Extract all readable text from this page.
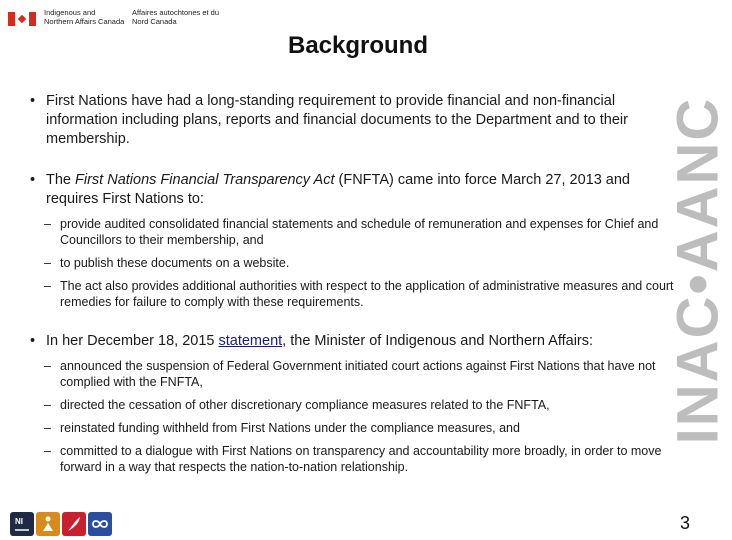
Indigenous and Northern Affairs Canada
Affaires autochtones et du Nord Canada
Background
INAC•AANC
• First Nations have had a long-standing requirement to provide financial and non-financial information including plans, reports and financial documents to the Department and to their membership.
• The First Nations Financial Transparency Act (FNFTA) came into force March 27, 2013 and requires First Nations to:
– provide audited consolidated financial statements and schedule of remuneration and expenses for Chief and Councillors to their membership, and
– to publish these documents on a website.
– The act also provides additional authorities with respect to the application of administrative measures and court remedies for failure to comply with these requirements.
• In her December 18, 2015 statement, the Minister of Indigenous and Northern Affairs:
– announced the suspension of Federal Government initiated court actions against First Nations that have not complied with the FNFTA,
– directed the cessation of other discretionary compliance measures related to the FNFTA,
– reinstated funding withheld from First Nations under the compliance measures, and
– committed to a dialogue with First Nations on transparency and accountability more broadly, in order to move forward in a way that respects the nation-to-nation relationship.
NI	3
